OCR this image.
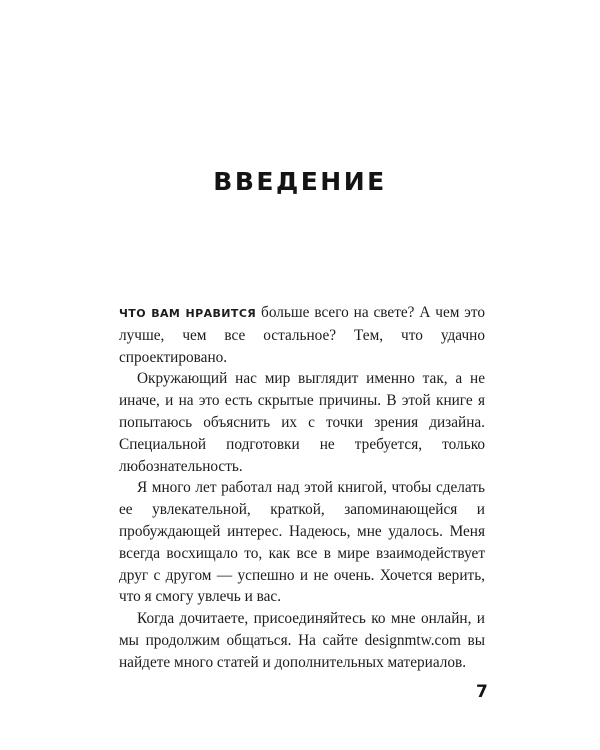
ВВЕДЕНИЕ

ЧТО ВАМ НРАВИТСЯ больше всего на свете? А чем это лучше, чем все остальное? Тем, что удачно спроектировано.

Окружающий нас мир выглядит именно так, а не иначе, и на это есть скрытые причины. В этой книге я попытаюсь объяснить их с точки зрения дизайна. Специальной подготовки не требуется, только любознательность.

Я много лет работал над этой книгой, чтобы сделать ее увлекательной, краткой, запоминающейся и пробуждающей интерес. Надеюсь, мне удалось. Меня всегда восхищало то, как все в мире взаимодействует друг с другом — успешно и не очень. Хочется верить, что я смогу увлечь и вас.

Когда дочитаете, присоединяйтесь ко мне онлайн, и мы продолжим общаться. На сайте designmtw.com вы найдете много статей и дополнительных материалов.

7
